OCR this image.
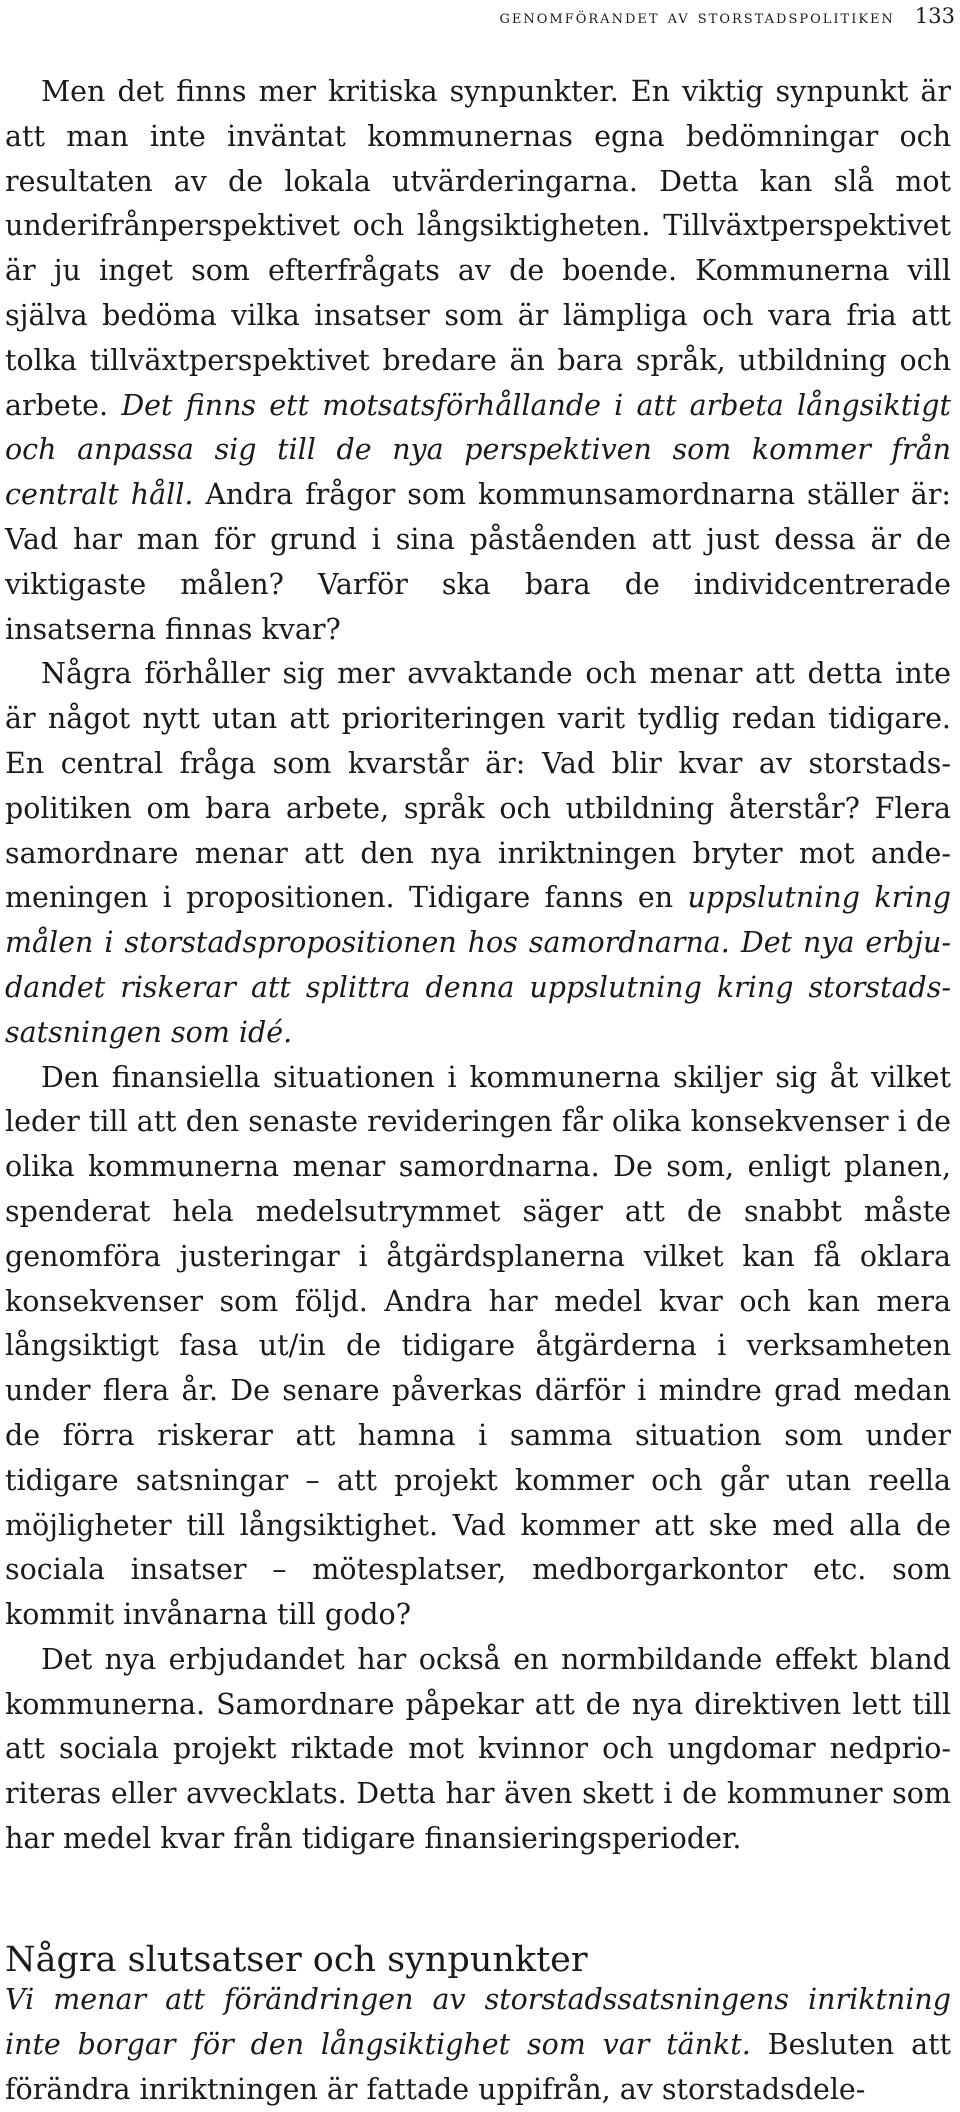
genomförandet av storstadspolitiken 133

Men det finns mer kritiska synpunkter. En viktig synpunkt är att man inte inväntat kommunernas egna bedömningar och resultaten av de lokala utvärderingarna. Detta kan slå mot underifrånperspektivet och långsiktigheten. Tillväxtperspektivet är ju inget som efterfrågats av de boende. Kommunerna vill själva bedöma vilka insatser som är lämpliga och vara fria att tolka tillväxtperspektivet bredare än bara språk, utbildning och arbete. Det finns ett motsatsförhållande i att arbeta långsiktigt och anpassa sig till de nya perspektiven som kommer från centralt håll. Andra frågor som kommunsamordnarna ställer är: Vad har man för grund i sina påståenden att just dessa är de viktigaste målen? Varför ska bara de individcentrerade insatserna finnas kvar?

Några förhåller sig mer avvaktande och menar att detta inte är något nytt utan att prioriteringen varit tydlig redan tidigare. En central fråga som kvarstår är: Vad blir kvar av storstadspolitiken om bara arbete, språk och utbildning återstår? Flera samordnare menar att den nya inriktningen bryter mot andemeningen i propositionen. Tidigare fanns en uppslutning kring målen i storstadspropositionen hos samordnarna. Det nya erbjudandet riskerar att splittra denna uppslutning kring storstadssatsningen som idé.

Den finansiella situationen i kommunerna skiljer sig åt vilket leder till att den senaste revideringen får olika konsekvenser i de olika kommunerna menar samordnarna. De som, enligt planen, spenderat hela medelsutrymmet säger att de snabbt måste genomföra justeringar i åtgärdsplanerna vilket kan få oklara konsekvenser som följd. Andra har medel kvar och kan mera långsiktigt fasa ut/in de tidigare åtgärderna i verksamheten under flera år. De senare påverkas därför i mindre grad medan de förra riskerar att hamna i samma situation som under tidigare satsningar – att projekt kommer och går utan reella möjligheter till långsiktighet. Vad kommer att ske med alla de sociala insatser – mötesplatser, medborgarkontor etc. som kommit invånarna till godo?

Det nya erbjudandet har också en normbildande effekt bland kommunerna. Samordnare påpekar att de nya direktiven lett till att sociala projekt riktade mot kvinnor och ungdomar nedprioriteras eller avvecklats. Detta har även skett i de kommuner som har medel kvar från tidigare finansieringsperioder.

Några slutsatser och synpunkter

Vi menar att förändringen av storstadssatsningens inriktning inte borgar för den långsiktighet som var tänkt. Besluten att förändra inriktningen är fattade uppifrån, av storstadsdele-
